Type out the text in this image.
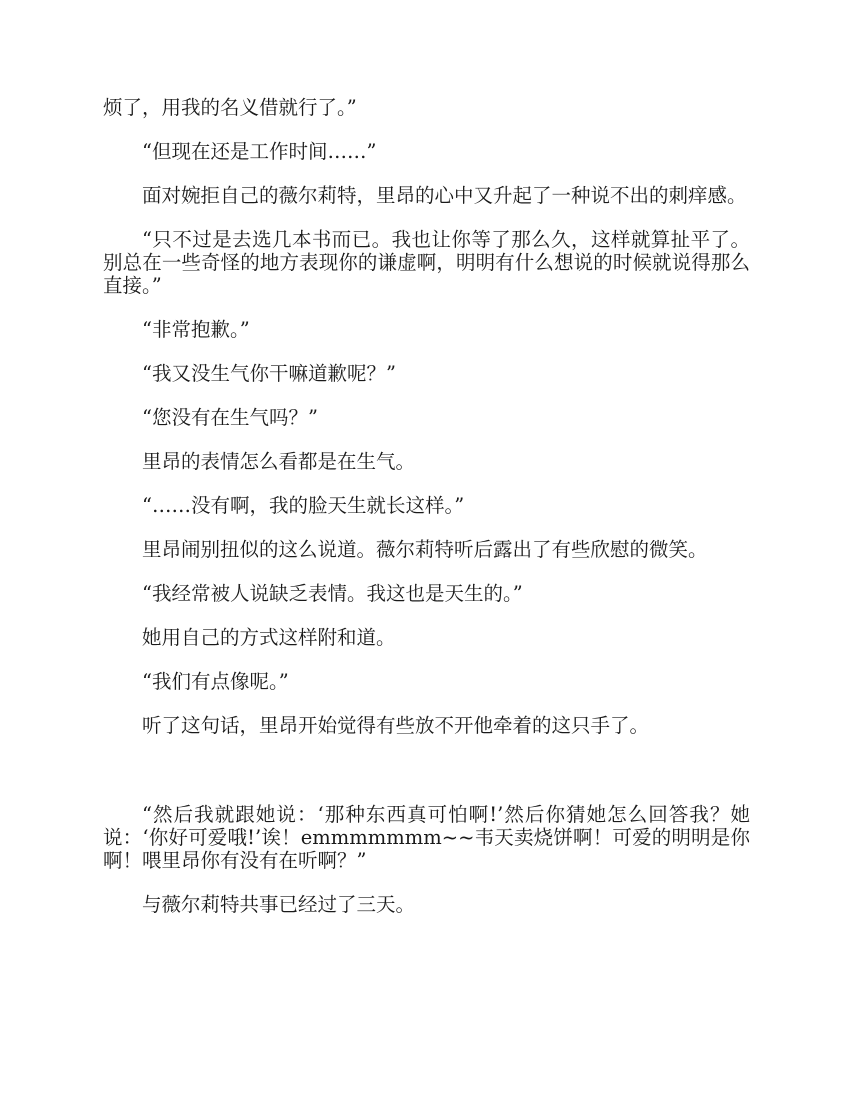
烦了，用我的名义借就行了。”

“但现在还是工作时间……”

面对婉拒自己的薇尔莉特，里昂的心中又升起了一种说不出的刺痒感。

“只不过是去选几本书而已。我也让你等了那么久，这样就算扯平了。别总在一些奇怪的地方表现你的谦虚啊，明明有什么想说的时候就说得那么直接。”

“非常抱歉。”

“我又没生气你干嘛道歉呢？”

“您没有在生气吗？”

里昂的表情怎么看都是在生气。

“……没有啊，我的脸天生就长这样。”

里昂闹别扭似的这么说道。薇尔莉特听后露出了有些欣慰的微笑。

“我经常被人说缺乏表情。我这也是天生的。”

她用自己的方式这样附和道。

“我们有点像呢。”

听了这句话，里昂开始觉得有些放不开他牵着的这只手了。

“然后我就跟她说：‘那种东西真可怕啊!’然后你猜她怎么回答我？她说：‘你好可爱哦!’诶！emmmmmmm~~韦天卖烧饼啊！可爱的明明是你啊！喂里昂你有没有在听啊？”

与薇尔莉特共事已经过了三天。
